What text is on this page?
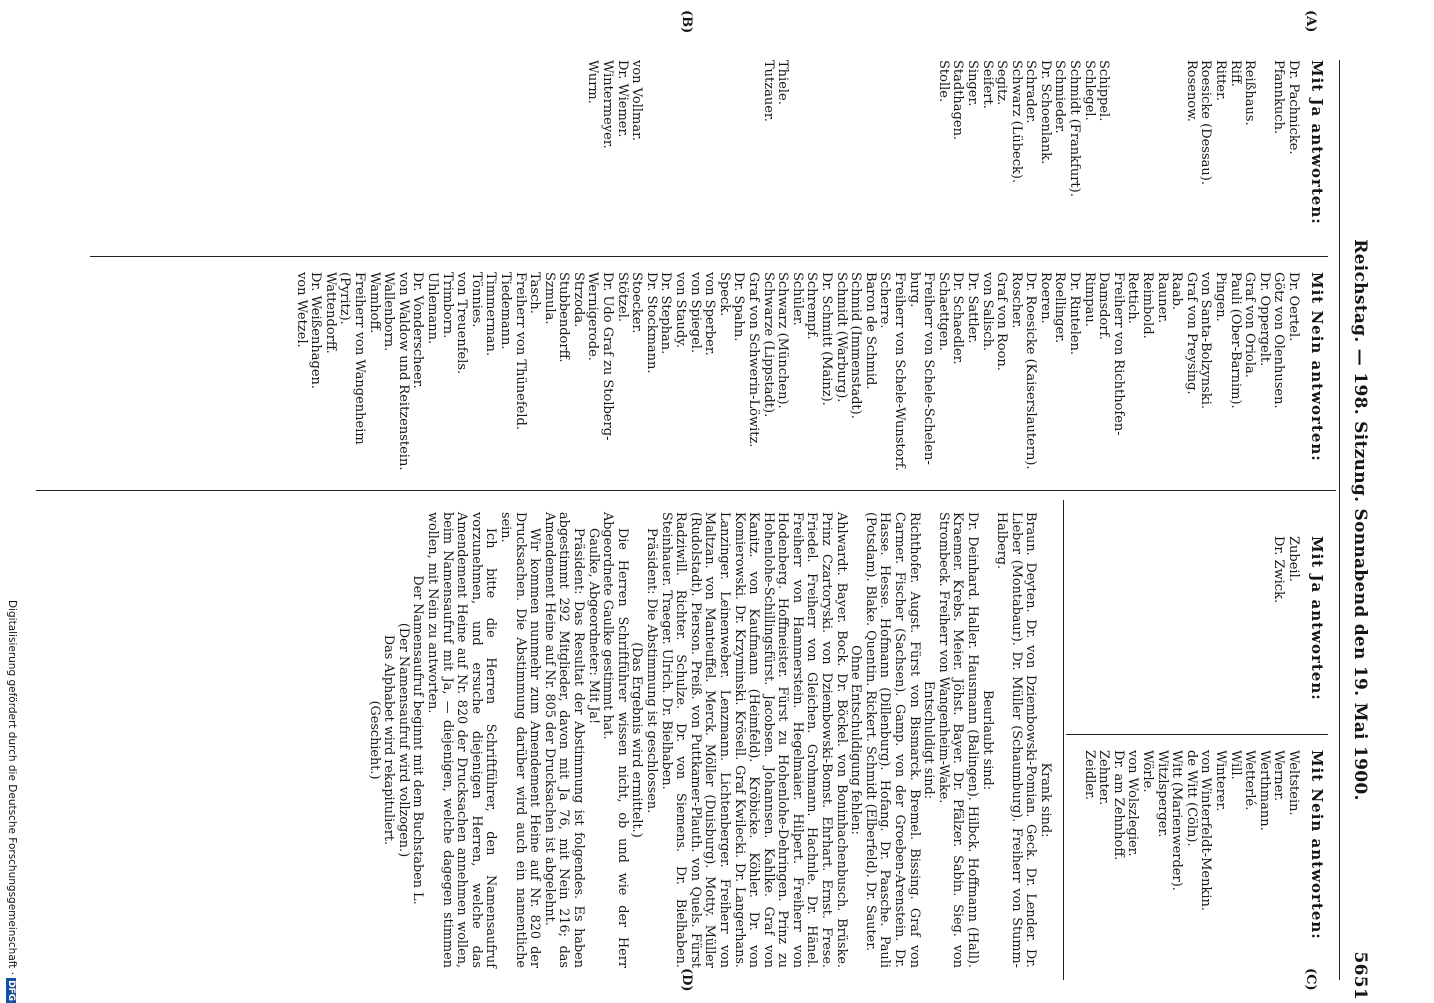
Reichstag. — 198. Sitzung. Sonnabend den 19. Mai 1900.
5651
(A)
(B)
(C)
(D)
Mit Ja antworten:
Dr. Pachnicke.
Pfannkuch.
Reißhaus.
Riff.
Ritter.
Roesicke (Dessau).
Rosenow.
Schippel.
Schlegel.
Schmidt (Frankfurt).
Schmieder.
Dr. Schoenlank.
Schrader.
Schwarz (Lübeck).
Segitz.
Seifert.
Singer.
Stadthagen.
Stolle.
Thiele.
Tutzauer.
von Vollmar.
Dr. Wiemer.
Wintermeyer.
Wurm.
Mit Nein antworten:
Dr. Oertel.
Götz von Olenhusen.
Dr. Oppergelt.
Graf von Oriola.
Pauli (Ober-Barnim).
Pingen.
von Santa-Bolzynski.
Graf von Preysing.
Raab.
Rauner.
Reimbold.
Rettich.
Freiherr von Richthofen-
Damsdorf.
Rimpau.
Dr. Rintelen.
Roellinger.
Roeren.
Dr. Roesicke (Kaiserslautern).
Roscher.
Graf von Roon.
von Salisch.
Dr. Sattler.
Dr. Schaedler.
Schaettgen.
Freiherr von Schele-Schelen-
burg.
Freiherr von Schele-Wunstorf.
Scherre.
Baron de Schmid.
Schmid (Immenstadt).
Schmidt (Warburg).
Dr. Schmitt (Mainz).
Schrempf.
Schüler.
Schwarz (München).
Schwarze (Lippstadt).
Graf von Schwerin-Löwitz.
Dr. Spahn.
Speck.
von Sperber.
von Spiegel.
von Staudy.
Dr. Stephan.
Dr. Stockmann.
Stoecker.
Stötzel.
Dr. Udo Graf zu Stolberg-
Wernigerode.
Strzoda.
Stubbendorff.
Szmula.
Tasch.
Freiherr von Thünefeld.
Tiedemann.
Timmerman.
Tönnies.
von Treuenfels.
Trimborn.
Uhlemann.
Dr. Vonderscheer.
von Waldow und Reitzenstein.
Wallenborn.
Wamhoff.
Freiherr von Wangenheim
(Pyritz).
Wattendorff.
Dr. Weißenhagen.
von Wetzel.
Mit Ja antworten:
Zubeil.
Dr. Zwick.
Mit Nein antworten:
Weltstein.
Werner.
Werthmann.
Wetterlé.
Will.
Winterer.
von Winterfeldt-Menkin.
de Witt (Cöln).
Witt (Marienwerder).
Witzlsperger.
Wörle.
von Wolszlegier.
Dr. am Zehnhoff.
Zehnter.
Zeidler.

Krank sind:

Braun. Deyten. Dr. von Dziembowski-Pomian. Geck. Dr. Lender. Dr. Lieber (Montabaur). Dr. Müller (Schaumburg). Freiherr von Stumm-Halberg.

Beurlaubt sind:

Dr. Deinhard. Haller. Hausmann (Balingen). Hilbck. Hoffmann (Hall). Kraemer. Krebs. Meier. Jöhst. Bayer. Dr. Pfälzer. Sabin. Sieg. von Strombeck. Freiherr von Wangenheim-Wake.

Entschuldigt sind:

Richthofer. Augst. Fürst von Bismarck. Bremel. Bissing. Graf von Carmer. Fischer (Sachsen). Gamp. von der Groeben-Arenstein. Dr. Hasse. Hesse. Hofmann (Dillenburg). Hofang. Dr. Paasche. Pauli (Potsdam). Blake. Quentin. Rickert. Schmidt (Elberfeld). Dr. Sauter.

Ohne Entschuldigung fehlen:

Ahlwardt. Bayer. Bock. Dr. Böckel. von Boninhachenbusch. Brüske. Prinz Czartoryski. von Dziembowski-Bomst. Ehrhart. Ernst. Frese. Friedel. Freiherr von Gleichen. Grohmann. Hachnle. Dr. Hänel. Freiherr von Hammerstein. Hegelmaier. Hilpert. Freiherr von Hodenberg. Hoffmeister. Fürst zu Hohenlohe-Dehringen. Prinz zu Hohenlohe-Schillingsfürst. Jacobsen. Johannsen. Kahlke. Graf von Kanitz. von Kaufmann (Heimfeld). Kröbicke. Köhler. Dr. von Komierowski. Dr. Krzyminski. Krösell. Graf Kwilecki. Dr. Langerhans. Lanzinger. Leinenweber. Lenzmann. Lichtenberger. Freiherr von Maltzan. von Manteuffel. Merck. Möller (Duisburg). Motty. Müller (Rudolstadt). Pierson. Preiß. von Puttkamer-Plauth. von Quels. Fürst Radziwill. Richter. Schulze. Dr. von Siemens. Dr. Bielhaben. Steinhauer. Traeger. Ulrich. Dr. Bielhaben.

Präsident: Die Abstimmung ist geschlossen.

(Das Ergebnis wird ermittelt.)

Die Herren Schriftführer wissen nicht, ob und wie der Herr Abgeordnete Gaulke gestimmt hat.

Gaulke, Abgeordneter: Mit Ja!

Präsident: Das Resultat der Abstimmung ist folgendes. Es haben abgestimmt 292 Mitglieder, davon mit Ja 76, mit Nein 216; das Amendement Heine auf Nr. 805 der Drucksachen ist abgelehnt.

Wir kommen nunmehr zum Amendement Heine auf Nr. 820 der Drucksachen. Die Abstimmung darüber wird auch ein namentliche sein.

Ich bitte die Herren Schriftführer, den Namensaufruf vorzunehmen, und ersuche diejenigen Herren, welche das Amendement Heine auf Nr. 820 der Drucksachen annehmen wollen, beim Namensaufruf mit Ja, — diejenigen, welche dagegen stimmen wollen, mit Nein zu antworten.

Der Namensaufruf beginnt mit dem Buchstaben L.

(Der Namensaufruf wird vollzogen.)

Das Alphabet wird rekapituliert.

(Geschieht.)

Digitalisierung gefördert durch die Deutsche Forschungsgemeinschaft ·DFG
